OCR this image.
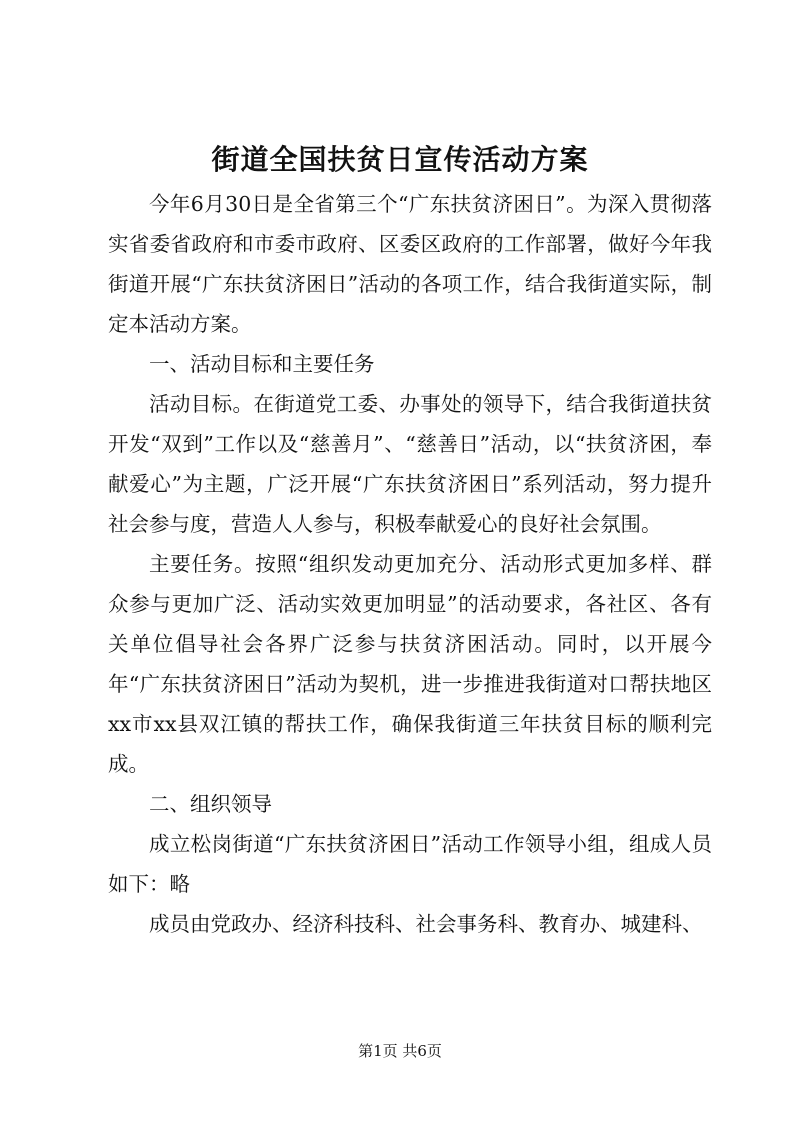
街道全国扶贫日宣传活动方案

今年6月30日是全省第三个“广东扶贫济困日”。为深入贯彻落实省委省政府和市委市政府、区委区政府的工作部署，做好今年我街道开展“广东扶贫济困日”活动的各项工作，结合我街道实际，制定本活动方案。

一、活动目标和主要任务

活动目标。在街道党工委、办事处的领导下，结合我街道扶贫开发“双到”工作以及“慈善月”、“慈善日”活动，以“扶贫济困，奉献爱心”为主题，广泛开展“广东扶贫济困日”系列活动，努力提升社会参与度，营造人人参与，积极奉献爱心的良好社会氛围。

主要任务。按照“组织发动更加充分、活动形式更加多样、群众参与更加广泛、活动实效更加明显”的活动要求，各社区、各有关单位倡导社会各界广泛参与扶贫济困活动。同时，以开展今年“广东扶贫济困日”活动为契机，进一步推进我街道对口帮扶地区xx市xx县双江镇的帮扶工作，确保我街道三年扶贫目标的顺利完成。

二、组织领导

成立松岗街道“广东扶贫济困日”活动工作领导小组，组成人员如下：略

成员由党政办、经济科技科、社会事务科、教育办、城建科、

第1页 共6页
